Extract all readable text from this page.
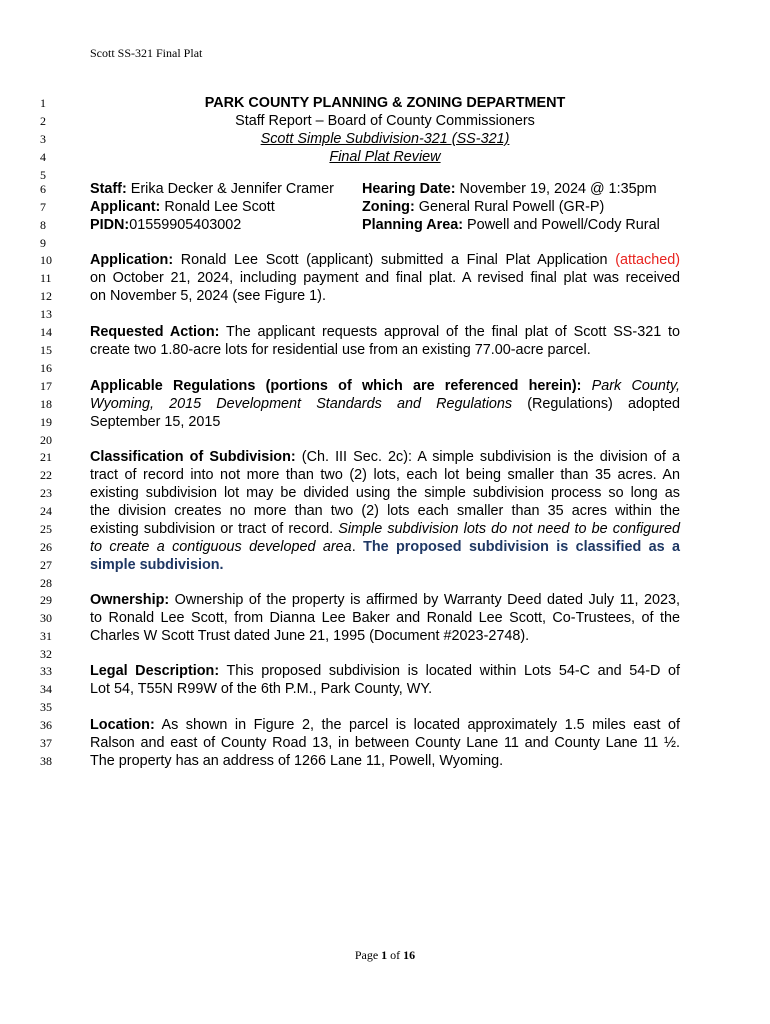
Scott SS-321 Final Plat
1
2
3
4
5
6
7
8
9
10
11
12
13
14
15
16
17
18
19
20
21
22
23
24
25
26
27
28
29
30
31
32
33
34
35
36
37
38
PARK COUNTY PLANNING & ZONING DEPARTMENT
Staff Report – Board of County Commissioners
Scott Simple Subdivision-321 (SS-321)
Final Plat Review
Staff: Erika Decker & Jennifer Cramer Hearing Date: November 19, 2024 @ 1:35pm
Applicant: Ronald Lee Scott	Zoning: General Rural Powell (GR-P)
PIDN:01559905403002	Planning Area: Powell and Powell/Cody Rural
Application: Ronald Lee Scott (applicant) submitted a Final Plat Application (attached)
on October 21, 2024, including payment and final plat. A revised final plat was received
on November 5, 2024 (see Figure 1).
Requested Action: The applicant requests approval of the final plat of Scott SS-321 to
create two 1.80-acre lots for residential use from an existing 77.00-acre parcel.
Applicable Regulations (portions of which are referenced herein): Park County,
Wyoming, 2015 Development Standards and Regulations (Regulations) adopted
September 15, 2015
Classification of Subdivision: (Ch. III Sec. 2c): A simple subdivision is the division of a
tract of record into not more than two (2) lots, each lot being smaller than 35 acres. An
existing subdivision lot may be divided using the simple subdivision process so long as
the division creates no more than two (2) lots each smaller than 35 acres within the
existing subdivision or tract of record. Simple subdivision lots do not need to be configured
to create a contiguous developed area. The proposed subdivision is classified as a
simple subdivision.
Ownership: Ownership of the property is affirmed by Warranty Deed dated July 11, 2023,
to Ronald Lee Scott, from Dianna Lee Baker and Ronald Lee Scott, Co-Trustees, of the
Charles W Scott Trust dated June 21, 1995 (Document #2023-2748).
Legal Description: This proposed subdivision is located within Lots 54-C and 54-D of
Lot 54, T55N R99W of the 6th P.M., Park County, WY.
Location: As shown in Figure 2, the parcel is located approximately 1.5 miles east of
Ralson and east of County Road 13, in between County Lane 11 and County Lane 11 ½.
The property has an address of 1266 Lane 11, Powell, Wyoming.
Page 1 of 16
